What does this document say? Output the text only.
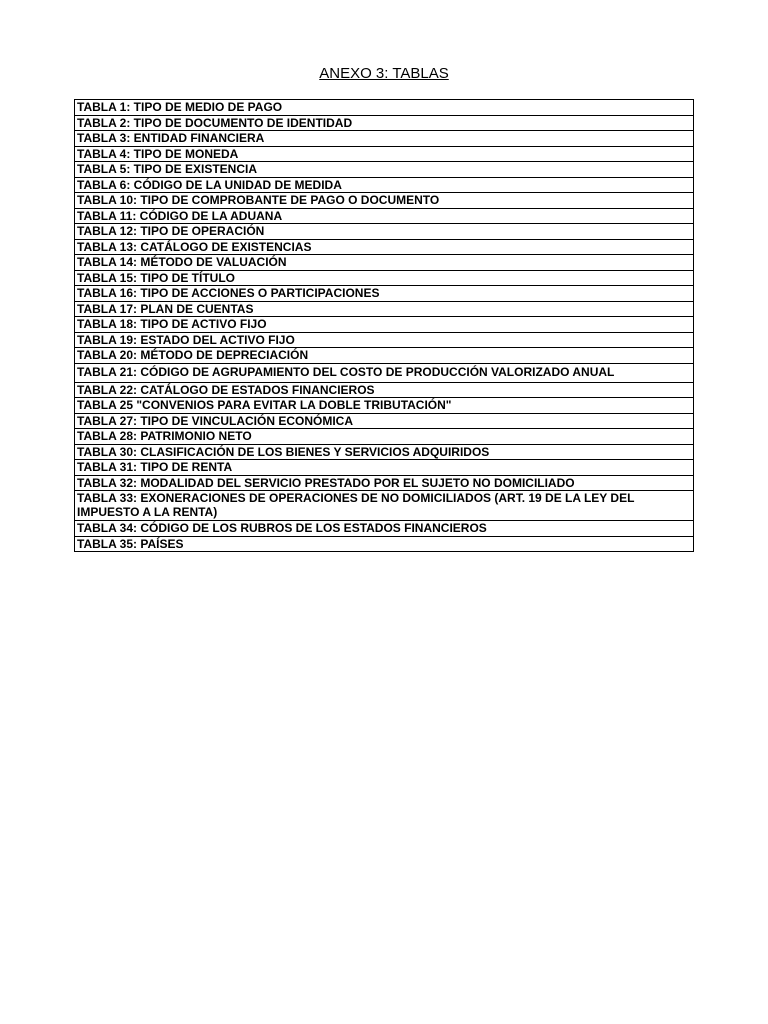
ANEXO 3: TABLAS
TABLA 1: TIPO DE MEDIO DE PAGO
TABLA 2: TIPO DE DOCUMENTO DE IDENTIDAD
TABLA 3: ENTIDAD FINANCIERA
TABLA 4: TIPO DE MONEDA
TABLA 5: TIPO DE EXISTENCIA
TABLA 6: CÓDIGO DE LA UNIDAD DE MEDIDA
TABLA 10: TIPO DE COMPROBANTE DE PAGO O DOCUMENTO
TABLA 11: CÓDIGO DE LA ADUANA
TABLA 12: TIPO DE OPERACIÓN
TABLA 13: CATÁLOGO DE EXISTENCIAS
TABLA 14: MÉTODO DE VALUACIÓN
TABLA 15: TIPO DE TÍTULO
TABLA 16: TIPO DE ACCIONES O PARTICIPACIONES
TABLA 17: PLAN DE CUENTAS
TABLA 18: TIPO DE ACTIVO FIJO
TABLA 19: ESTADO DEL ACTIVO FIJO
TABLA 20: MÉTODO DE DEPRECIACIÓN
TABLA 21: CÓDIGO DE AGRUPAMIENTO DEL COSTO DE PRODUCCIÓN VALORIZADO ANUAL
TABLA 22: CATÁLOGO DE ESTADOS FINANCIEROS
TABLA 25 "CONVENIOS PARA EVITAR LA DOBLE TRIBUTACIÓN"
TABLA 27: TIPO DE VINCULACIÓN ECONÓMICA
TABLA 28: PATRIMONIO NETO
TABLA 30: CLASIFICACIÓN DE LOS BIENES Y SERVICIOS ADQUIRIDOS
TABLA 31: TIPO DE RENTA
TABLA 32: MODALIDAD DEL SERVICIO PRESTADO POR EL SUJETO NO DOMICILIADO
TABLA 33: EXONERACIONES DE OPERACIONES DE NO DOMICILIADOS (ART. 19 DE LA LEY DEL IMPUESTO A LA RENTA)
TABLA 34: CÓDIGO DE LOS RUBROS DE LOS ESTADOS FINANCIEROS
TABLA 35: PAÍSES
